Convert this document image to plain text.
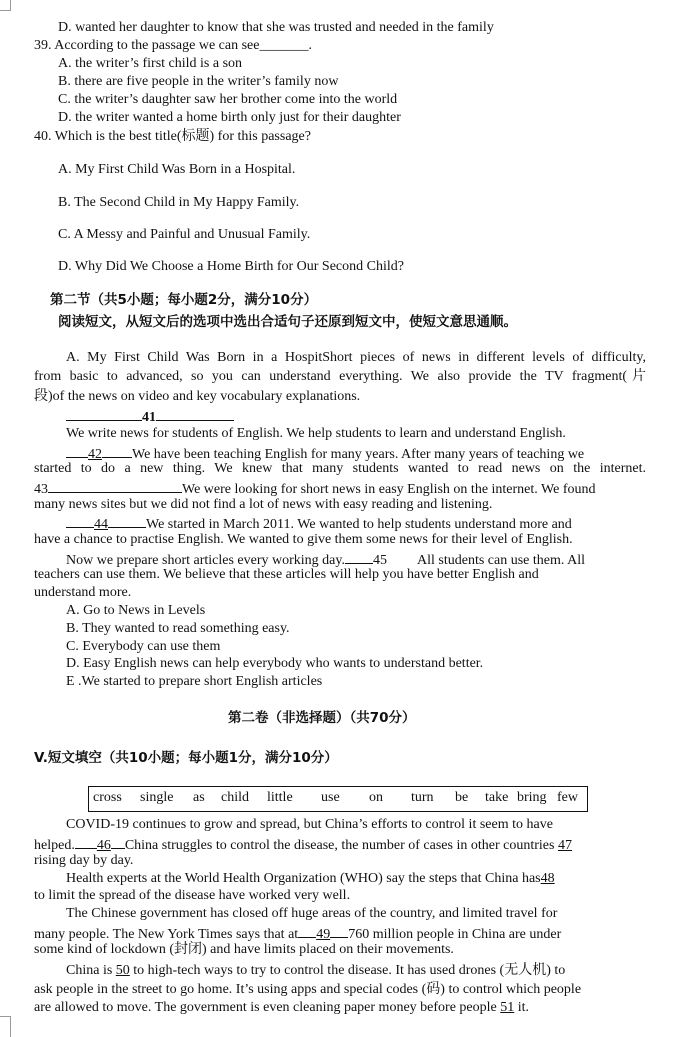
D. wanted her daughter to know that she was trusted and needed in the family
39. According to the passage we can see_______.
A. the writer’s first child is a son
B. there are five people in the writer’s family now
C. the writer’s daughter saw her brother come into the world
D. the writer wanted a home birth only just for their daughter
40. Which is the best title(标题) for this passage?
A. My First Child Was Born in a Hospital.
B. The Second Child in My Happy Family.
C. A Messy and Painful and Unusual Family.
D. Why Did We Choose a Home Birth for Our Second Child?
第二节（共5小题；每小题2分，满分10分）
阅读短文，从短文后的选项中选出合适句子还原到短文中，使短文意思通顺。
A. My First Child Was Born in a HospitShort pieces of news in different levels of difficulty,
from basic to advanced, so you can understand everything. We also provide the TV fragment(片
段)of the news on video and key vocabulary explanations.
41
We write news for students of English. We help students to learn and understand English.
42 We have been teaching English for many years. After many years of teaching we
started to do a new thing. We knew that many students wanted to read news on the internet.
43	We were looking for short news in easy English on the internet. We found
many news sites but we did not find a lot of news with easy reading and listening.
44	We started in March 2011. We wanted to help students understand more and
have a chance to practise English. We wanted to give them some news for their level of English.
Now we prepare short articles every working day. 45 All students can use them. All
teachers can use them. We believe that these articles will help you have better English and
understand more.
A. Go to News in Levels
B. They wanted to read something easy.
C. Everybody can use them
D. Easy English news can help everybody who wants to understand better.
E .We started to prepare short English articles
第二卷（非选择题）（共70分）
V.短文填空（共10小题；每小题1分，满分10分）
cross single as child little use on turn be take bring few
COVID-19 continues to grow and spread, but China’s efforts to control it seem to have
helped. 46 China struggles to control the disease, the number of cases in other countries 47
rising day by day.
Health experts at the World Health Organization (WHO) say the steps that China has48
to limit the spread of the disease have worked very well.
The Chinese government has closed off huge areas of the country, and limited travel for
many people. The New York Times says that at 49 760 million people in China are under
some kind of lockdown (封闭) and have limits placed on their movements.
China is 50 to high-tech ways to try to control the disease. It has used drones (无人机) to
ask people in the street to go home. It’s using apps and special codes (码) to control which people
are allowed to move. The government is even cleaning paper money before people 51 it.
